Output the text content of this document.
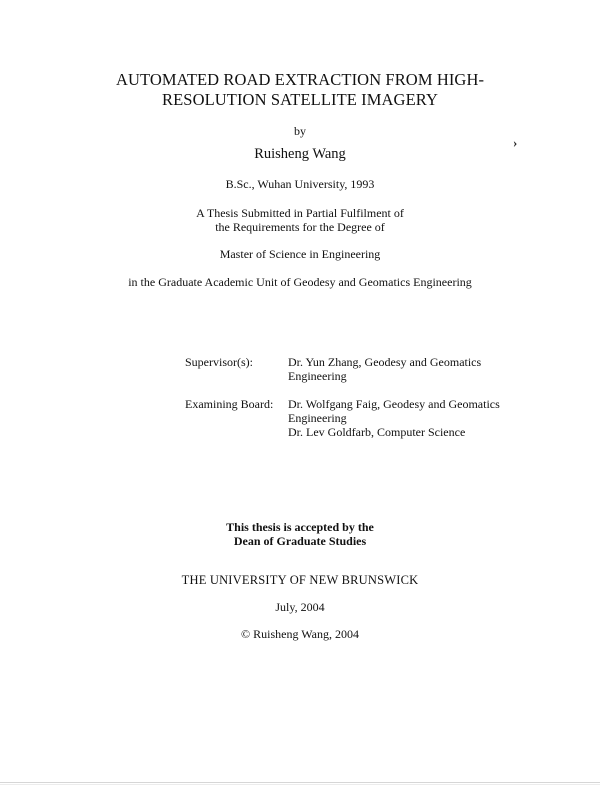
AUTOMATED ROAD EXTRACTION FROM HIGH-
RESOLUTION SATELLITE IMAGERY
by
Ruisheng Wang
B.Sc., Wuhan University, 1993
A Thesis Submitted in Partial Fulfilment of
the Requirements for the Degree of
Master of Science in Engineering
in the Graduate Academic Unit of Geodesy and Geomatics Engineering
Supervisor(s):	Dr. Yun Zhang, Geodesy and Geomatics
Engineering
Examining Board:	Dr. Wolfgang Faig, Geodesy and Geomatics
Engineering
Dr. Lev Goldfarb, Computer Science
This thesis is accepted by the
Dean of Graduate Studies
THE UNIVERSITY OF NEW BRUNSWICK
July, 2004
© Ruisheng Wang, 2004
›
